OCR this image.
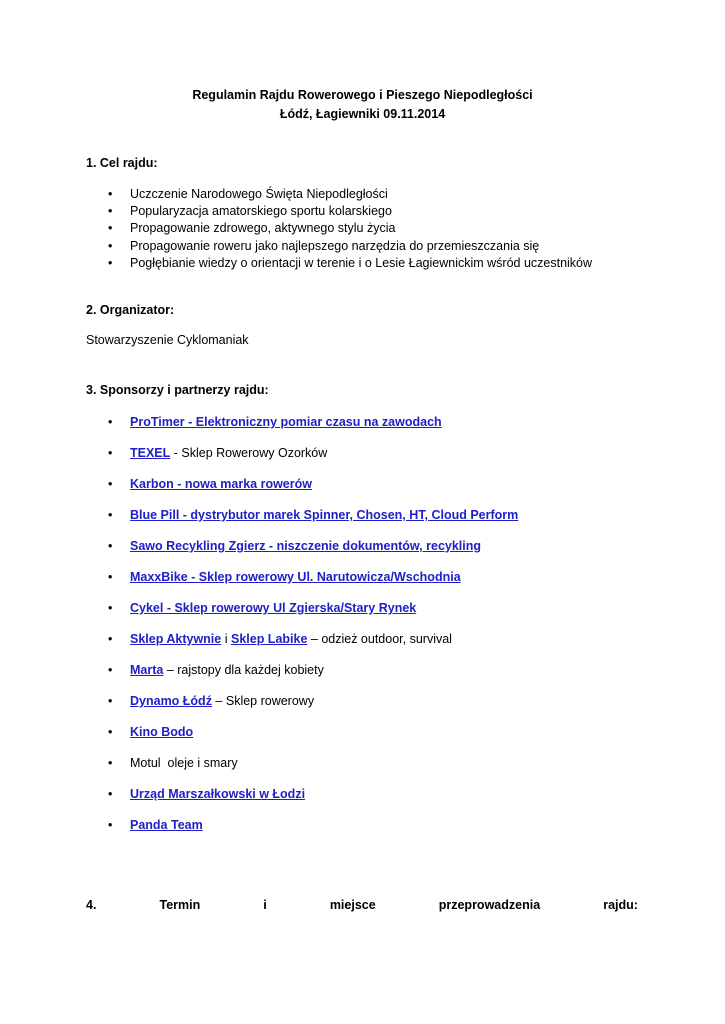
Regulamin Rajdu Rowerowego i Pieszego Niepodległości
Łódź, Łagiewniki 09.11.2014
1. Cel rajdu:
• Uczczenie Narodowego Święta Niepodległości
• Popularyzacja amatorskiego sportu kolarskiego
• Propagowanie zdrowego, aktywnego stylu życia
• Propagowanie roweru jako najlepszego narzędzia do przemieszczania się
• Pogłębianie wiedzy o orientacji w terenie i o Lesie Łagiewnickim wśród uczestników
2. Organizator:
Stowarzyszenie Cyklomaniak
3. Sponsorzy i partnerzy rajdu:
• ProTimer - Elektroniczny pomiar czasu na zawodach
• TEXEL - Sklep Rowerowy Ozorków
• Karbon - nowa marka rowerów
• Blue Pill - dystrybutor marek Spinner, Chosen, HT, Cloud Perform
• Sawo Recykling Zgierz - niszczenie dokumentów, recykling
• MaxxBike - Sklep rowerowy Ul. Narutowicza/Wschodnia
• Cykel - Sklep rowerowy Ul Zgierska/Stary Rynek
• Sklep Aktywnie i Sklep Labike – odzież outdoor, survival
• Marta – rajstopy dla każdej kobiety
• Dynamo Łódź – Sklep rowerowy
• Kino Bodo
• Motul  oleje i smary
• Urząd Marszałkowski w Łodzi
• Panda Team
4.	Termin	i	miejsce	przeprowadzenia	rajdu:
